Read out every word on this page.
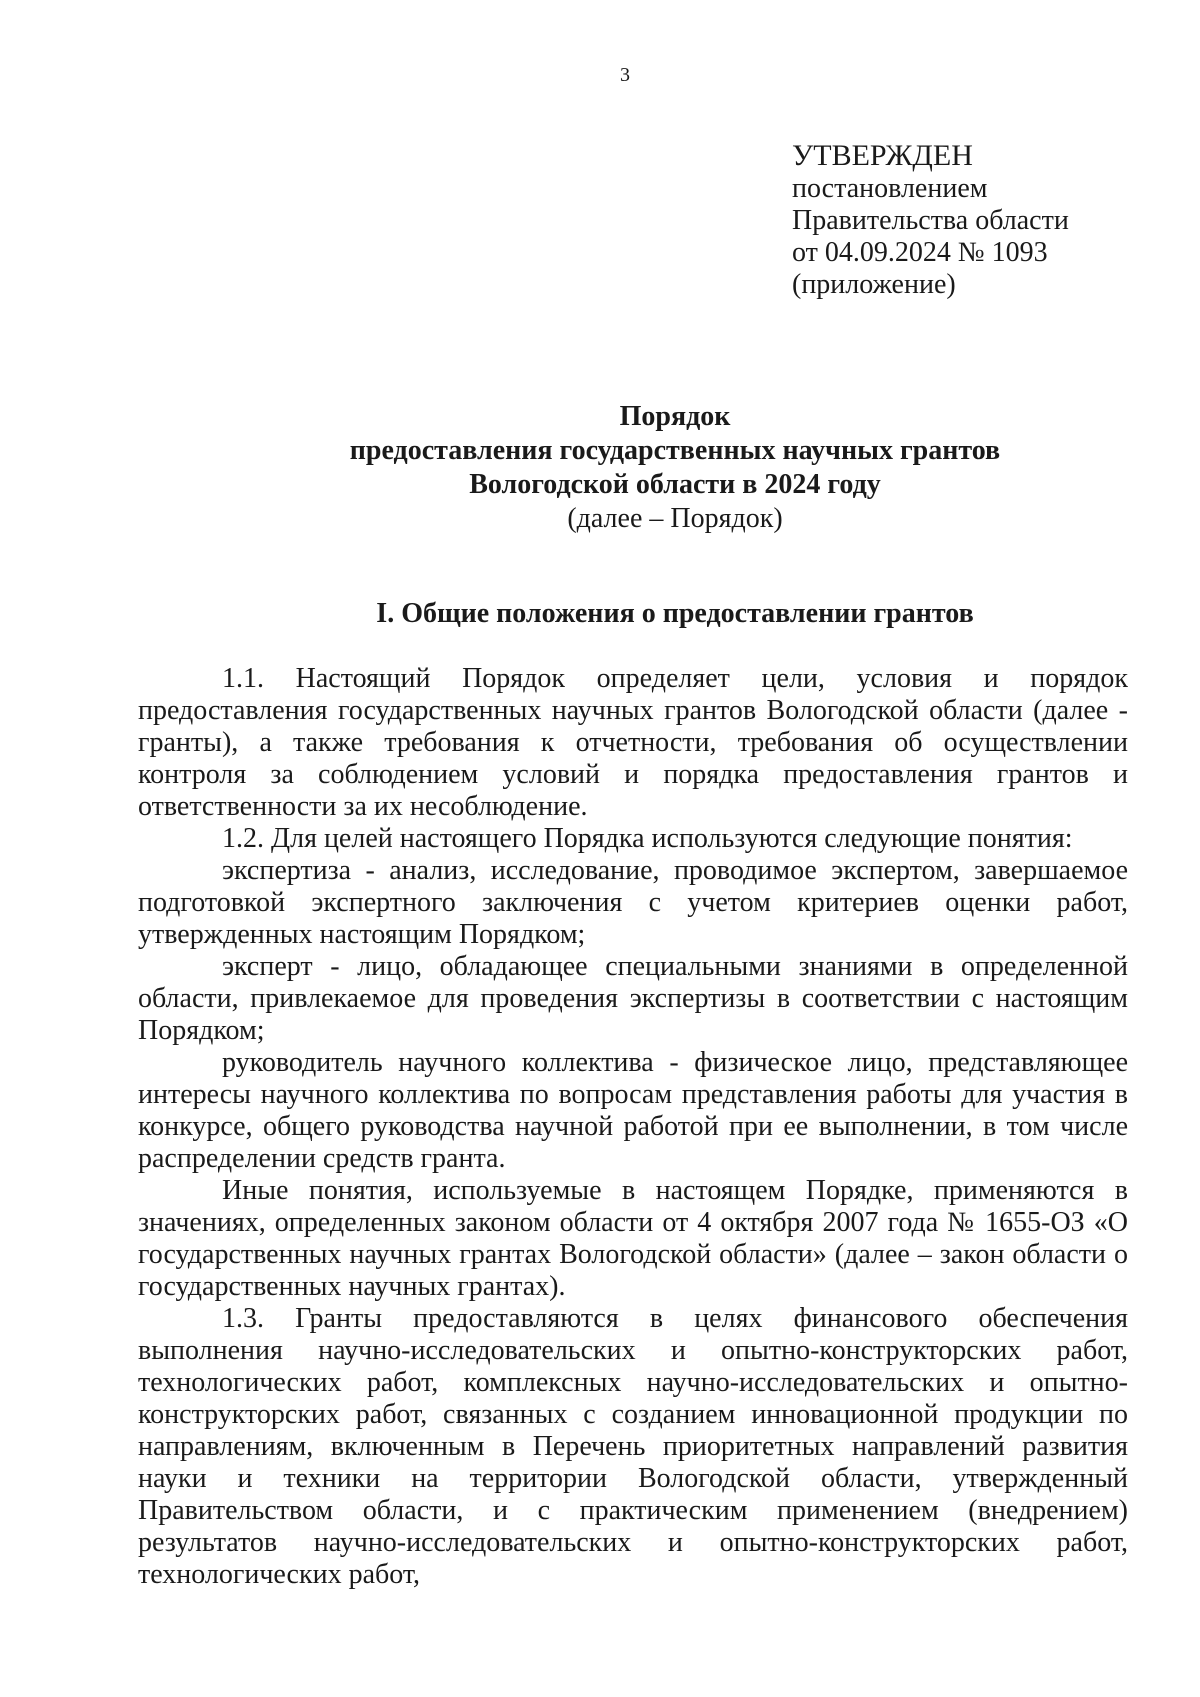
3
УТВЕРЖДЕН
постановлением
Правительства области
от 04.09.2024 № 1093
(приложение)
Порядок
предоставления государственных научных грантов
Вологодской области в 2024 году
(далее – Порядок)
I. Общие положения о предоставлении грантов

1.1. Настоящий Порядок определяет цели, условия и порядок предоставления государственных научных грантов Вологодской области (далее - гранты), а также требования к отчетности, требования об осуществлении контроля за соблюдением условий и порядка предоставления грантов и ответственности за их несоблюдение.

1.2. Для целей настоящего Порядка используются следующие понятия:

экспертиза - анализ, исследование, проводимое экспертом, завершаемое подготовкой экспертного заключения с учетом критериев оценки работ, утвержденных настоящим Порядком;

эксперт - лицо, обладающее специальными знаниями в определенной области, привлекаемое для проведения экспертизы в соответствии с настоящим Порядком;

руководитель научного коллектива - физическое лицо, представляющее интересы научного коллектива по вопросам представления работы для участия в конкурсе, общего руководства научной работой при ее выполнении, в том числе распределении средств гранта.

Иные понятия, используемые в настоящем Порядке, применяются в значениях, определенных законом области от 4 октября 2007 года № 1655-ОЗ «О государственных научных грантах Вологодской области» (далее – закон области о государственных научных грантах).

1.3. Гранты предоставляются в целях финансового обеспечения выполнения научно-исследовательских и опытно-конструкторских работ, технологических работ, комплексных научно-исследовательских и опытно-конструкторских работ, связанных с созданием инновационной продукции по направлениям, включенным в Перечень приоритетных направлений развития науки и техники на территории Вологодской области, утвержденный Правительством области, и с практическим применением (внедрением) результатов научно-исследовательских и опытно-конструкторских работ, технологических работ,
